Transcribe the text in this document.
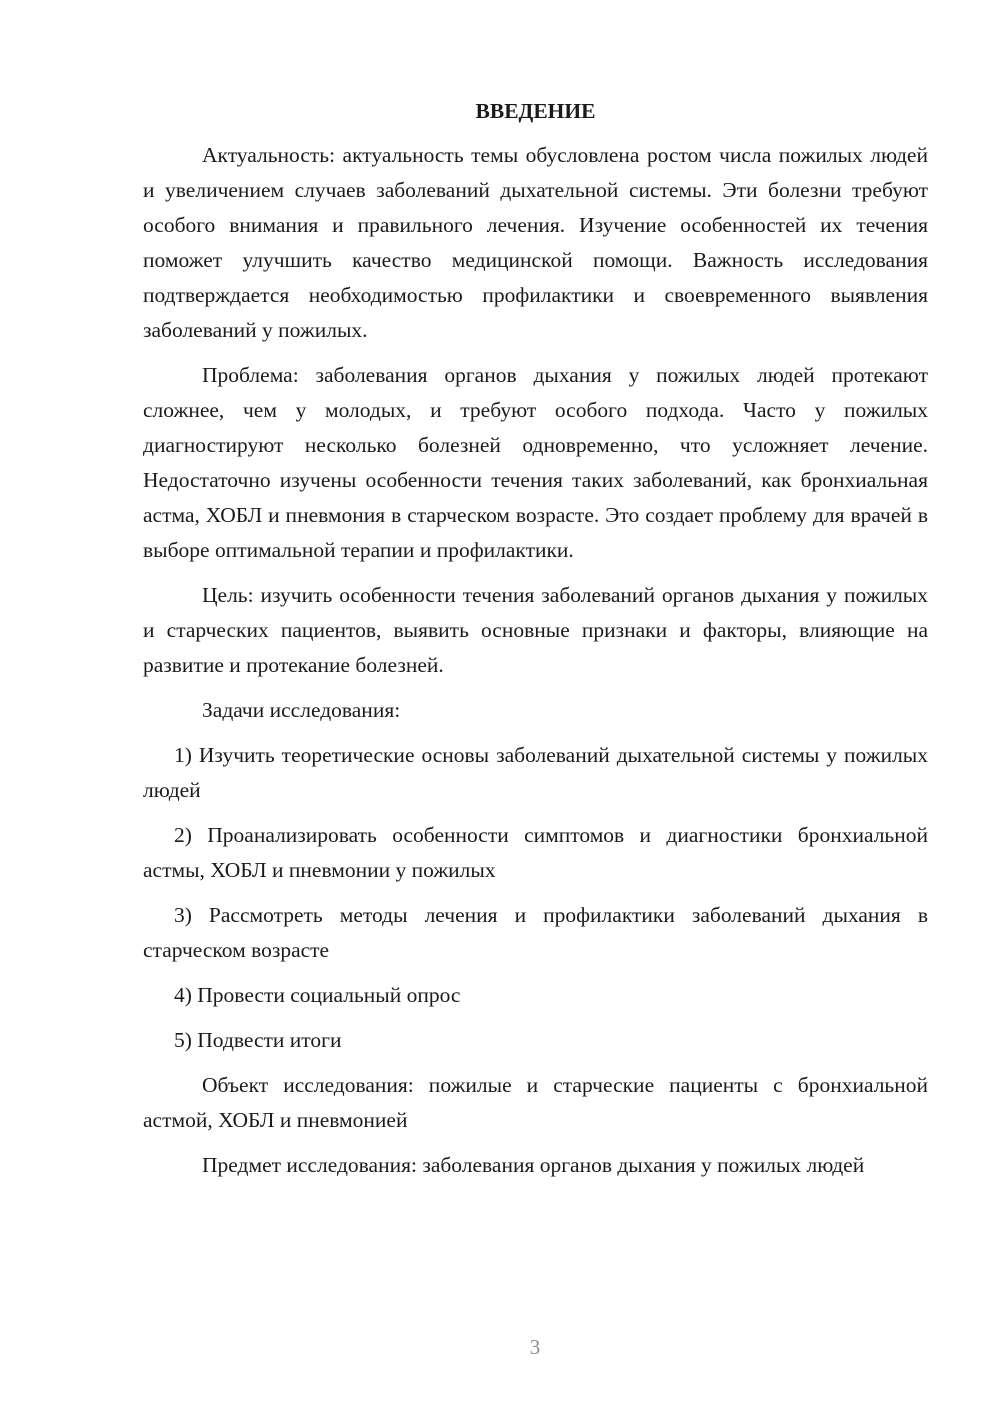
ВВЕДЕНИЕ

Актуальность: актуальность темы обусловлена ростом числа пожилых людей и увеличением случаев заболеваний дыхательной системы. Эти болезни требуют особого внимания и правильного лечения. Изучение особенностей их течения поможет улучшить качество медицинской помощи. Важность исследования подтверждается необходимостью профилактики и своевременного выявления заболеваний у пожилых.

Проблема: заболевания органов дыхания у пожилых людей протекают сложнее, чем у молодых, и требуют особого подхода. Часто у пожилых диагностируют несколько болезней одновременно, что усложняет лечение. Недостаточно изучены особенности течения таких заболеваний, как бронхиальная астма, ХОБЛ и пневмония в старческом возрасте. Это создает проблему для врачей в выборе оптимальной терапии и профилактики.

Цель: изучить особенности течения заболеваний органов дыхания у пожилых и старческих пациентов, выявить основные признаки и факторы, влияющие на развитие и протекание болезней.

Задачи исследования:

1) Изучить теоретические основы заболеваний дыхательной системы у пожилых людей

2) Проанализировать особенности симптомов и диагностики бронхиальной астмы, ХОБЛ и пневмонии у пожилых

3) Рассмотреть методы лечения и профилактики заболеваний дыхания в старческом возрасте

4) Провести социальный опрос

5) Подвести итоги

Объект исследования: пожилые и старческие пациенты с бронхиальной астмой, ХОБЛ и пневмонией

Предмет исследования: заболевания органов дыхания у пожилых людей

3
